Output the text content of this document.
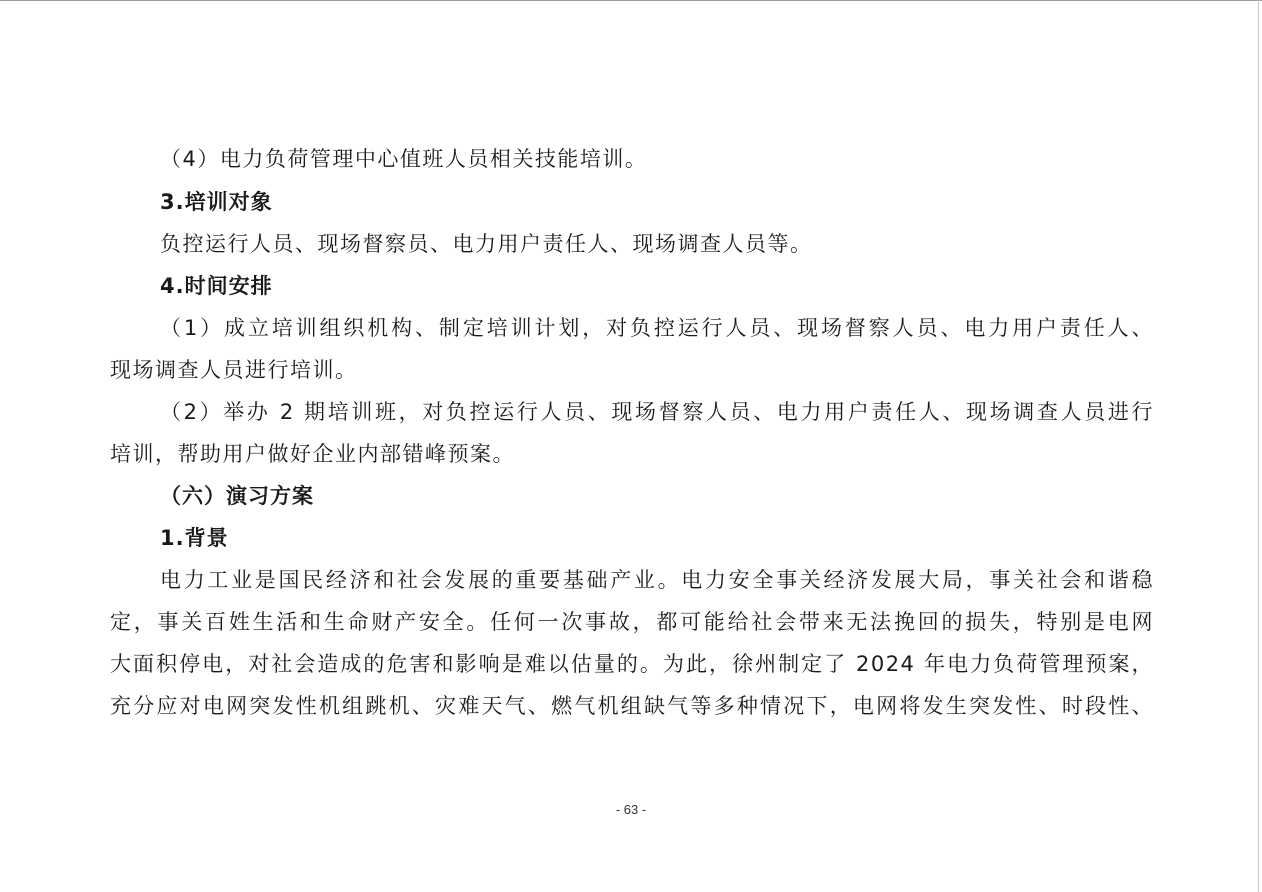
（4）电力负荷管理中心值班人员相关技能培训。
3.培训对象
负控运行人员、现场督察员、电力用户责任人、现场调查人员等。
4.时间安排
（1）成立培训组织机构、制定培训计划，对负控运行人员、现场督察人员、电力用户责任人、
现场调查人员进行培训。
（2）举办 2 期培训班，对负控运行人员、现场督察人员、电力用户责任人、现场调查人员进行
培训，帮助用户做好企业内部错峰预案。
（六）演习方案
1.背景
电力工业是国民经济和社会发展的重要基础产业。电力安全事关经济发展大局，事关社会和谐稳
定，事关百姓生活和生命财产安全。任何一次事故，都可能给社会带来无法挽回的损失，特别是电网
大面积停电，对社会造成的危害和影响是难以估量的。为此，徐州制定了 2024 年电力负荷管理预案，
充分应对电网突发性机组跳机、灾难天气、燃气机组缺气等多种情况下，电网将发生突发性、时段性、
- 63 -
